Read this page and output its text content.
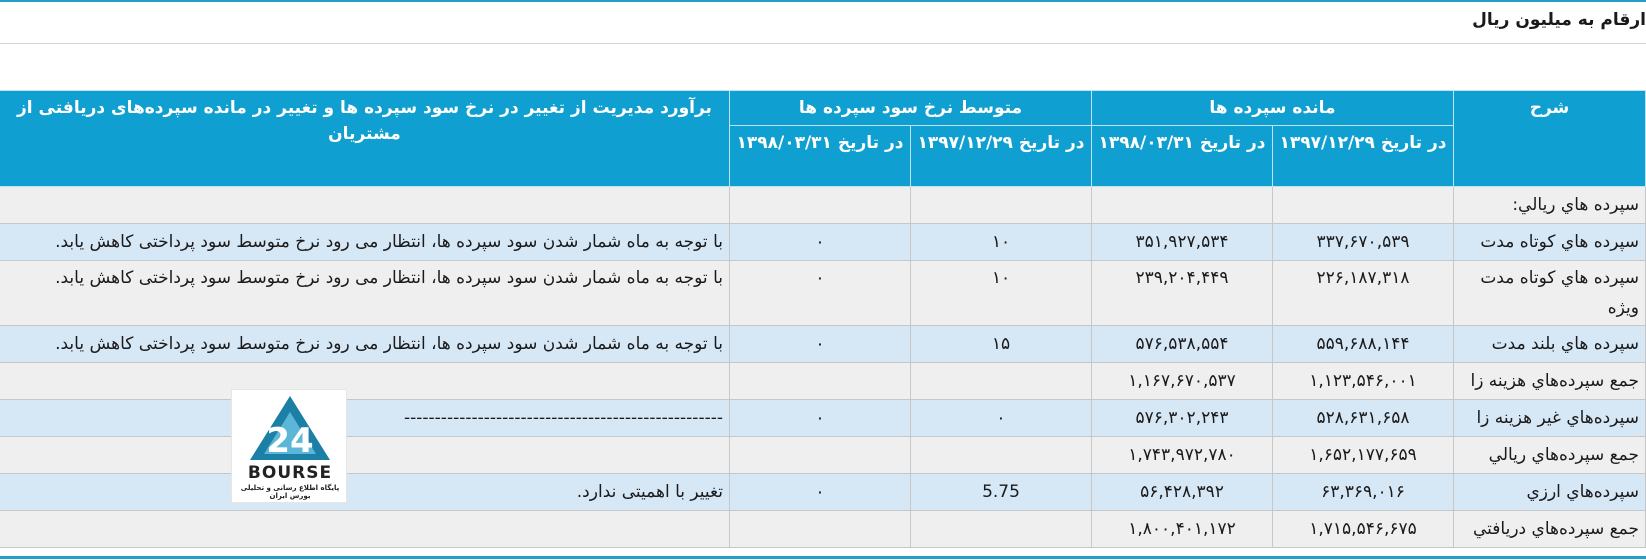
ارقام به میلیون ریال
شرح	مانده سپرده ها		متوسط نرخ سود سپرده ها		برآورد مدیریت از تغییر در نرخ سود سپرده ها و تغییر در مانده سپرده‌های دریافتی از مشتریان
	در تاریخ ۱۳۹۷/۱۲/۲۹	در تاریخ ۱۳۹۸/۰۳/۳۱	در تاریخ ۱۳۹۷/۱۲/۲۹	در تاریخ ۱۳۹۸/۰۳/۳۱	
سپرده هاي ريالي:					
سپرده هاي كوتاه مدت	۳۳۷,۶۷۰,۵۳۹	۳۵۱,۹۲۷,۵۳۴	۱۰	۰	با توجه به ماه شمار شدن سود سپرده ها، انتظار می رود نرخ متوسط سود پرداختی کاهش یابد.
سپرده هاي كوتاه مدت ويژه	۲۲۶,۱۸۷,۳۱۸	۲۳۹,۲۰۴,۴۴۹	۱۰	۰	با توجه به ماه شمار شدن سود سپرده ها، انتظار می رود نرخ متوسط سود پرداختی کاهش یابد.
سپرده هاي بلند مدت	۵۵۹,۶۸۸,۱۴۴	۵۷۶,۵۳۸,۵۵۴	۱۵	۰	با توجه به ماه شمار شدن سود سپرده ها، انتظار می رود نرخ متوسط سود پرداختی کاهش یابد.
جمع سپرده‌هاي هزينه زا	۱,۱۲۳,۵۴۶,۰۰۱	۱,۱۶۷,۶۷۰,۵۳۷			
سپرده‌هاي غير هزينه زا	۵۲۸,۶۳۱,۶۵۸	۵۷۶,۳۰۲,۲۴۳	۰	۰	----------------------------------------------------
جمع سپرده‌هاي ريالي	۱,۶۵۲,۱۷۷,۶۵۹	۱,۷۴۳,۹۷۲,۷۸۰			
سپرده‌هاي ارزي	۶۳,۳۶۹,۰۱۶	۵۶,۴۲۸,۳۹۲	5.75	۰	تغییر با اهمیتی ندارد.
جمع سپرده‌هاي دريافتي	۱,۷۱۵,۵۴۶,۶۷۵	۱,۸۰۰,۴۰۱,۱۷۲			
24
BOURSE
پایگاه اطلاع رسانی و تحلیلی بورس ایران
